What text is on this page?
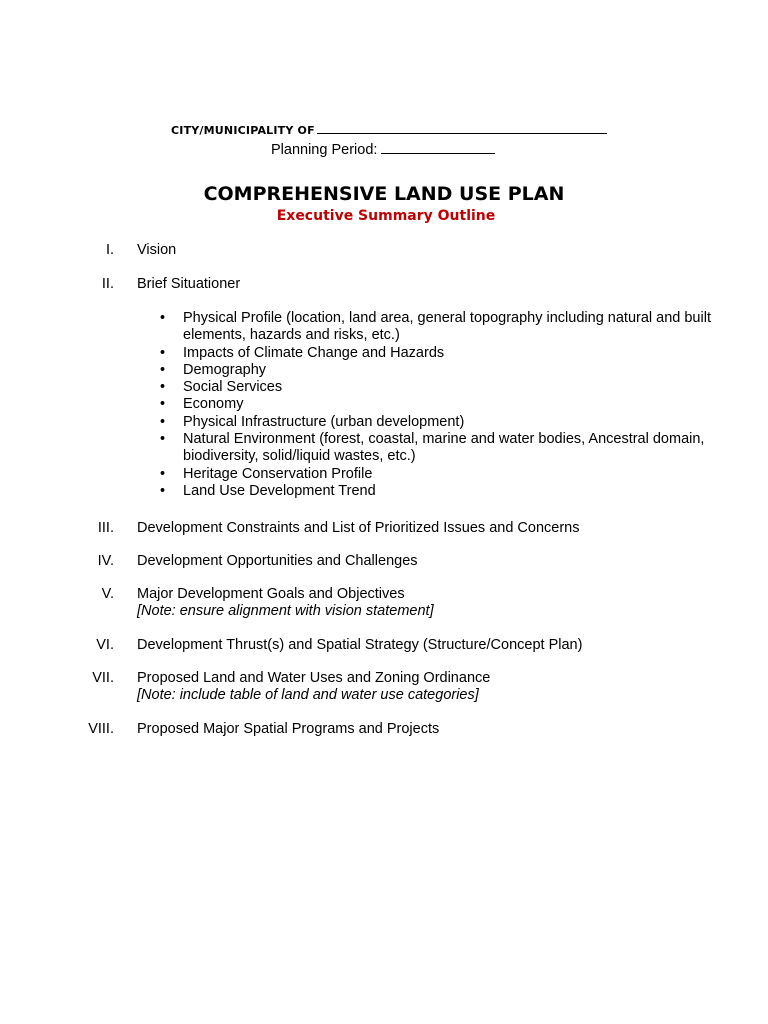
CITY/MUNICIPALITY OF
Planning Period:
COMPREHENSIVE LAND USE PLAN
Executive Summary Outline
I. Vision
II. Brief Situationer
• Physical Profile (location, land area, general topography including natural and built elements, hazards and risks, etc.)
• Impacts of Climate Change and Hazards
• Demography
• Social Services
• Economy
• Physical Infrastructure (urban development)
• Natural Environment (forest, coastal, marine and water bodies, Ancestral domain, biodiversity, solid/liquid wastes, etc.)
• Heritage Conservation Profile
• Land Use Development Trend
III. Development Constraints and List of Prioritized Issues and Concerns
IV. Development Opportunities and Challenges
V. Major Development Goals and Objectives
[Note: ensure alignment with vision statement]
VI. Development Thrust(s) and Spatial Strategy (Structure/Concept Plan)
VII. Proposed Land and Water Uses and Zoning Ordinance
[Note: include table of land and water use categories]
VIII. Proposed Major Spatial Programs and Projects
